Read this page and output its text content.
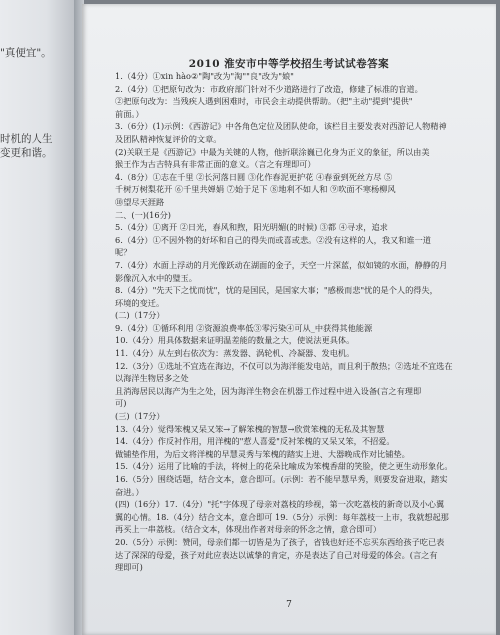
"真便宜"。
时机的人生
变更和谐。
2010 淮安市中等学校招生考试试卷答案
1.（4分）①xin hào②"陶"改为"淘""良"改为"娘"
2.（4分）①把原句改为：市政府部门针对不少道路进行了改造，修建了标准的盲道。
②把原句改为：当残疾人遇到困难时，市民会主动提供帮助。（把"主动"提到"提供"
前面。）
3.（6分）(1)示例：《西游记》中各角色定位及团队使命，该栏目主要发表对西游记人物精神
及团队精神恢复评价的文章。
(2)关联王是《西游记》中最为关键的人物，他折联涂巍已化身为正义的象征，所以由美
猴王作为古吉特具有非常正面的意义。（言之有理即可）
4.（8分）①志在千里 ②长河落日圆 ③化作春泥更护花 ④春蚕到死丝方尽 ⑤
千树万树梨花开 ⑥千里共婵娟 ⑦始于足下 ⑧地利不如人和 ⑨吹面不寒杨柳风
⑩望尽天涯路
二、(一)(16分)
5.（4分）①离开 ②日光，春风和煦，阳光明媚(的时候) ③都 ④寻求，追求
6.（4分）①不因外物的好坏和自己的得失而或喜或悲。②没有这样的人，我又和谁一道
呢？
7.（4分）水面上浮动的月光像跃动在湖面的金子，天空一片深蓝，似如镜的水面，静静的月
影像沉入水中的璧玉。
8.（4分）"先天下之忧而忧"，忧的是国民，是国家大事；"感极而悲"忧的是个人的得失，
环境的变迁。
(二)（17分）
9.（4分）①循环利用 ②资源浪费率低③零污染④可从_中获得其他能源
10.（4分）用具体数据来证明温差能的数量之大，使说法更具体。
11.（4分）从左到右依次为：蒸发器、涡轮机、冷凝器、发电机。
12.（3分）①选址不宜选在海边，不仅可以为海洋能发电站，而且利于散热；②选址不宜选在
以海洋生物居多之处
且消海居民以海产为生之处，因为海洋生物会在机器工作过程中进入设备(言之有理即
可)
(三)（17分）
13.（4分）觉得笨槐又呆又笨→了解笨槐的智慧→欣赏笨槐的无私及其智慧
14.（4分）作反衬作用，用洋槐的"惹人喜爱"反衬笨槐的又呆又笨，不招爱。
做铺垫作用，为后文将洋槐的早慧灵秀与笨槐的踏实上进、大器晚成作对比铺垫。
15.（4分）运用了比喻的手法，将树上的花朵比喻成为笨槐香甜的笑脸，使之更生动形象化。
16.（5分）围绕话题，结合文本，意合即可。(示例：若不能早慧早秀，则要发奋进取，踏实
奋进。）
(四)（16分）17.（4分）"托"字体现了母亲对荔枝的珍视，第一次吃荔枝的新奇以及小心翼
翼的心情。18.（4分）结合文本，意合即可 19.（5分）示例：每年荔枝一上市，我就想起那
再买上一串荔枝。（结合文本，体现出作者对母亲的怀念之情，意合即可）
20.（5分）示例：赞同，母亲们都一切皆是为了孩子，省钱也好还不忘买东西给孩子吃已表
达了深深的母爱，孩子对此应表达以诚挚的肯定，亦是表达了自己对母爱的体会。(言之有
理即可)
7
